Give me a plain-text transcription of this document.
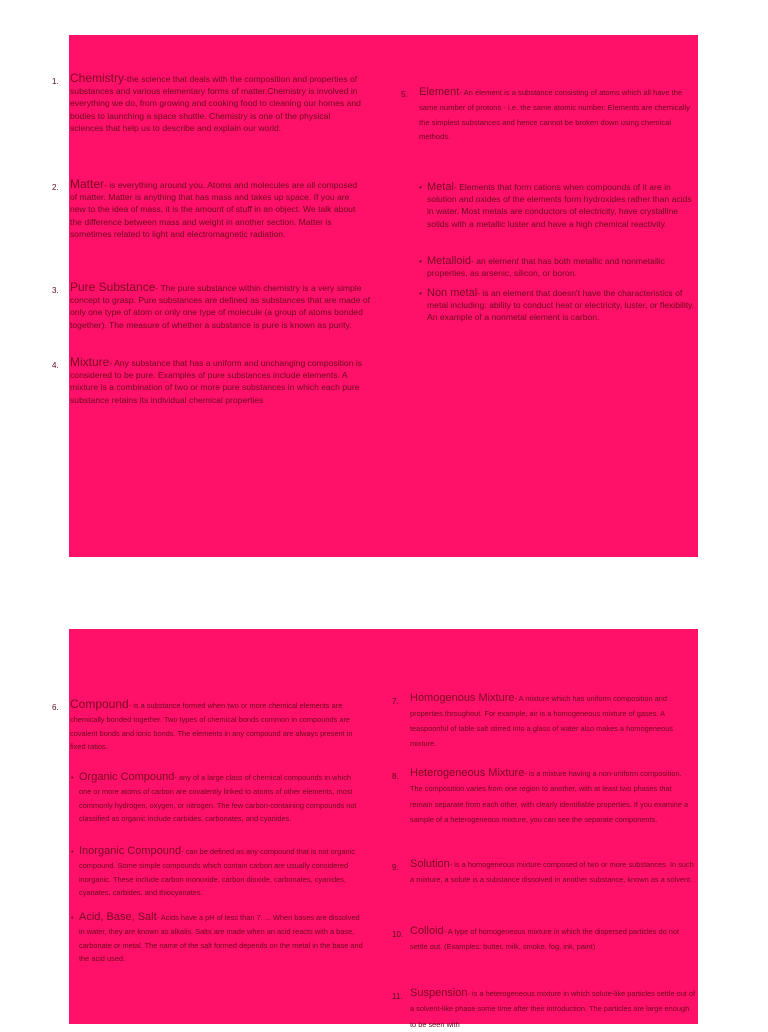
1. Chemistry-the science that deals with the composition and properties of substances and various elementary forms of matter.Chemistry is involved in everything we do, from growing and cooking food to cleaning our homes and bodies to launching a space shuttle. Chemistry is one of the physical sciences that help us to describe and explain our world.
2. Matter- is everything around you. Atoms and molecules are all composed of matter. Matter is anything that has mass and takes up space. If you are new to the idea of mass, it is the amount of stuff in an object. We talk about the difference between mass and weight in another section. Matter is sometimes related to light and electromagnetic radiation.
3. Pure Substance- The pure substance within chemistry is a very simple concept to grasp. Pure substances are defined as substances that are made of only one type of atom or only one type of molecule (a group of atoms bonded together). The measure of whether a substance is pure is known as purity.
4. Mixture- Any substance that has a uniform and unchanging composition is considered to be pure. Examples of pure substances include elements. A mixture is a combination of two or more pure substances in which each pure substance retains its individual chemical properties
5. Element- An element is a substance consisting of atoms which all have the same number of protons - i.e. the same atomic number. Elements are chemically the simplest substances and hence cannot be broken down using chemical methods.
• Metal- Elements that form cations when compounds of it are in solution and oxides of the elements form hydroxides rather than acids in water. Most metals are conductors of electricity, have crystalline solids with a metallic luster and have a high chemical reactivity.
• Metalloid- an element that has both metallic and nonmetallic properties, as arsenic, silicon, or boron.
• Non metal- is an element that doesn't have the characteristics of metal including: ability to conduct heat or electricity, luster, or flexibility. An example of a nonmetal element is carbon.
6. Compound- is a substance formed when two or more chemical elements are chemically bonded together. Two types of chemical bonds common in compounds are covalent bonds and ionic bonds. The elements in any compound are always present in fixed ratios.
• Organic Compound- any of a large class of chemical compounds in which one or more atoms of carbon are covalently linked to atoms of other elements, most commonly hydrogen, oxygen, or nitrogen. The few carbon-containing compounds not classified as organic include carbides, carbonates, and cyanides.
• Inorganic Compound- can be defined as any compound that is not organic compound. Some simple compounds which contain carbon are usually considered inorganic. These include carbon monoxide, carbon dioxide, carbonates, cyanides, cyanates, carbides, and thiocyanates.
• Acid, Base, Salt- Acids have a pH of less than 7. ... When bases are dissolved in water, they are known as alkalis. Salts are made when an acid reacts with a base, carbonate or metal. The name of the salt formed depends on the metal in the base and the acid used.
7. Homogenous Mixture- A mixture which has uniform composition and properties throughout. For example, air is a homogeneous mixture of gases. A teaspoonful of table salt stirred into a glass of water also makes a homogeneous mixture.
8. Heterogeneous Mixture- is a mixture having a non-uniform composition. The composition varies from one region to another, with at least two phases that remain separate from each other, with clearly identifiable properties. If you examine a sample of a heterogeneous mixture, you can see the separate components.
9. Solution- is a homogeneous mixture composed of two or more substances. In such a mixture, a solute is a substance dissolved in another substance, known as a solvent.
10. Colloid- A type of homogeneous mixture in which the dispersed particles do not settle out. (Examples: butter, milk, smoke, fog, ink, paint)
11. Suspension- is a heterogeneous mixture in which solute-like particles settle out of a solvent-like phase some time after their introduction. The particles are large enough to be seen with
